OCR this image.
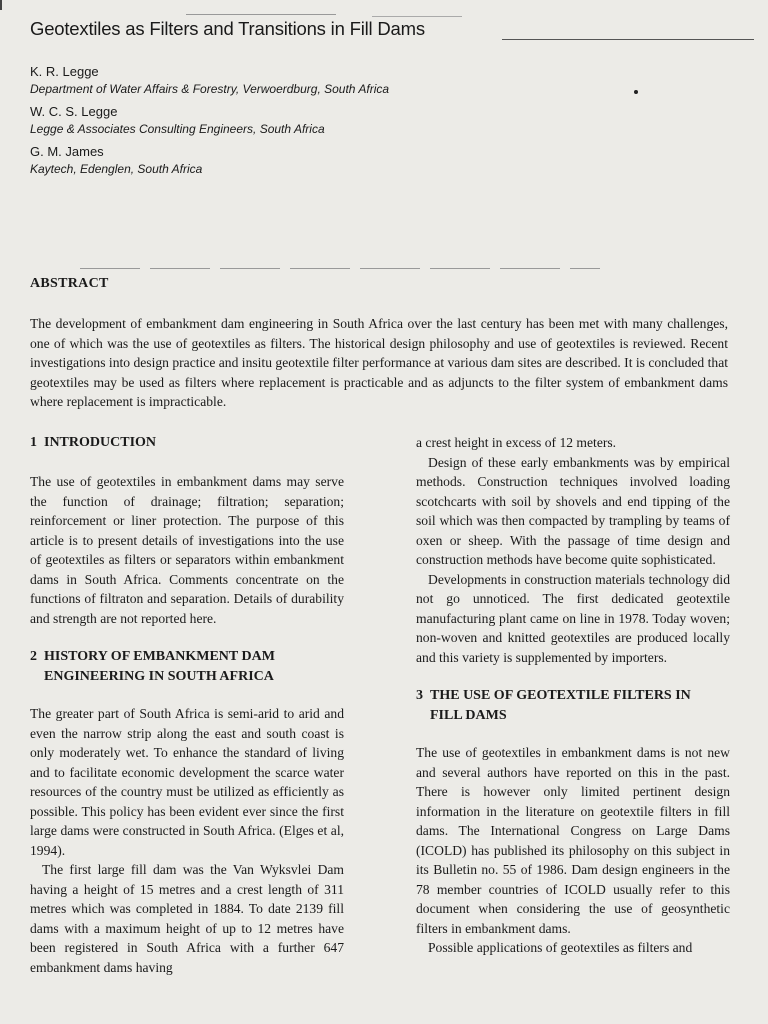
Geotextiles as Filters and Transitions in Fill Dams
K. R. Legge
Department of Water Affairs & Forestry, Verwoerdburg, South Africa
W. C. S. Legge
Legge & Associates Consulting Engineers, South Africa
G. M. James
Kaytech, Edenglen, South Africa
ABSTRACT
The development of embankment dam engineering in South Africa over the last century has been met with many challenges, one of which was the use of geotextiles as filters. The historical design philosophy and use of geotextiles is reviewed. Recent investigations into design practice and insitu geotextile filter performance at various dam sites are described. It is concluded that geotextiles may be used as filters where replacement is practicable and as adjuncts to the filter system of embankment dams where replacement is impracticable.
1 INTRODUCTION

The use of geotextiles in embankment dams may serve the function of drainage; filtration; separation; reinforcement or liner protection. The purpose of this article is to present details of investigations into the use of geotextiles as filters or separators within embankment dams in South Africa. Comments concentrate on the functions of filtraton and separation. Details of durability and strength are not reported here.

2 HISTORY OF EMBANKMENT DAM
ENGINEERING IN SOUTH AFRICA

The greater part of South Africa is semi-arid to arid and even the narrow strip along the east and south coast is only moderately wet. To enhance the standard of living and to facilitate economic development the scarce water resources of the country must be utilized as efficiently as possible. This policy has been evident ever since the first large dams were constructed in South Africa. (Elges et al, 1994).

The first large fill dam was the Van Wyksvlei Dam having a height of 15 metres and a crest length of 311 metres which was completed in 1884. To date 2139 fill dams with a maximum height of up to 12 metres have been registered in South Africa with a further 647 embankment dams having

a crest height in excess of 12 meters.

Design of these early embankments was by empirical methods. Construction techniques involved loading scotchcarts with soil by shovels and end tipping of the soil which was then compacted by trampling by teams of oxen or sheep. With the passage of time design and construction methods have become quite sophisticated.

Developments in construction materials technology did not go unnoticed. The first dedicated geotextile manufacturing plant came on line in 1978. Today woven; non-woven and knitted geotextiles are produced locally and this variety is supplemented by importers.

3 THE USE OF GEOTEXTILE FILTERS IN
FILL DAMS

The use of geotextiles in embankment dams is not new and several authors have reported on this in the past. There is however only limited pertinent design information in the literature on geotextile filters in fill dams. The International Congress on Large Dams (ICOLD) has published its philosophy on this subject in its Bulletin no. 55 of 1986. Dam design engineers in the 78 member countries of ICOLD usually refer to this document when considering the use of geosynthetic filters in embankment dams.

Possible applications of geotextiles as filters and
